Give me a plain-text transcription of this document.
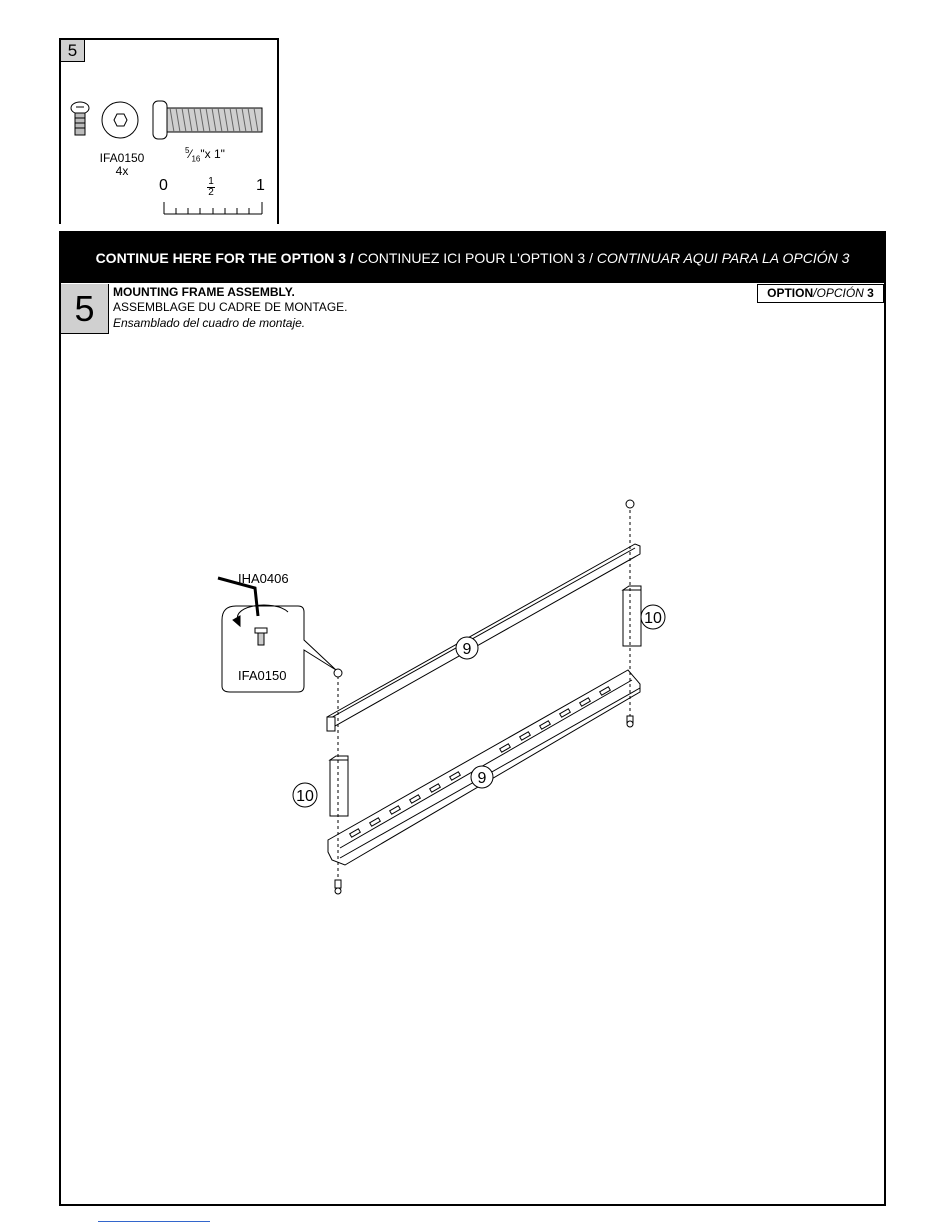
5
IFA0150
4x
$^5⁄_{16}"x$ 1"
0	1
2	1
CONTINUE HERE FOR THE OPTION 3 / CONTINUEZ ICI POUR L'OPTION 3 / CONTINUAR AQUI PARA LA OPCIÓN 3
5	MOUNTING FRAME ASSEMBLY.
ASSEMBLAGE DU CADRE DE MONTAGE.
Ensamblado del cuadro de montaje.
OPTION/OPCIÓN 3
9
9
10
10
IHA0406
IFA0150
